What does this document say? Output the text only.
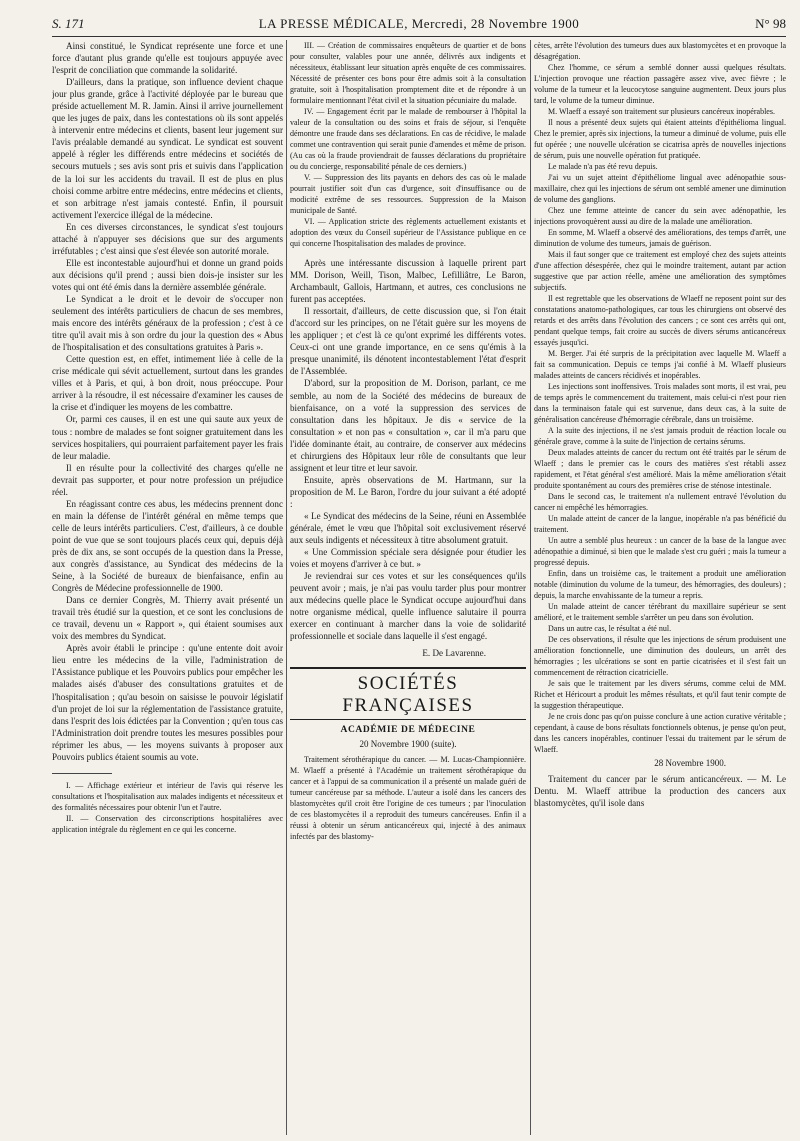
S. 171	LA PRESSE MÉDICALE, Mercredi, 28 Novembre 1900	N° 98

Ainsi constitué, le Syndicat représente une force et une force d'autant plus grande qu'elle est toujours appuyée avec l'esprit de conciliation que commande la solidarité.

D'ailleurs, dans la pratique, son influence devient chaque jour plus grande, grâce à l'activité déployée par le bureau que préside actuellement M. R. Jamin. Ainsi il arrive journellement que les juges de paix, dans les contestations où ils sont appelés à intervenir entre médecins et clients, basent leur jugement sur l'avis préalable demandé au syndicat. Le syndicat est souvent appelé à régler les différends entre médecins et sociétés de secours mutuels ; ses avis sont pris et suivis dans l'application de la loi sur les accidents du travail. Il est de plus en plus choisi comme arbitre entre médecins, entre médecins et clients, et son arbitrage n'est jamais contesté. Enfin, il poursuit activement l'exercice illégal de la médecine.

En ces diverses circonstances, le syndicat s'est toujours attaché à n'appuyer ses décisions que sur des arguments irréfutables ; c'est ainsi que s'est élevée son autorité morale.

Elle est incontestable aujourd'hui et donne un grand poids aux décisions qu'il prend ; aussi bien dois-je insister sur les votes qui ont été émis dans la dernière assemblée générale.

Le Syndicat a le droit et le devoir de s'occuper non seulement des intérêts particuliers de chacun de ses membres, mais encore des intérêts généraux de la profession ; c'est à ce titre qu'il avait mis à son ordre du jour la question des « Abus de l'hospitalisation et des consultations gratuites à Paris ».

Cette question est, en effet, intimement liée à celle de la crise médicale qui sévit actuellement, surtout dans les grandes villes et à Paris, et qui, à bon droit, nous préoccupe. Pour arriver à la résoudre, il est nécessaire d'examiner les causes de la crise et d'indiquer les moyens de les combattre.

Or, parmi ces causes, il en est une qui saute aux yeux de tous : nombre de malades se font soigner gratuitement dans les services hospitaliers, qui pourraient parfaitement payer les frais de leur maladie.

Il en résulte pour la collectivité des charges qu'elle ne devrait pas supporter, et pour notre profession un préjudice réel.

En réagissant contre ces abus, les médecins prennent donc en main la défense de l'intérêt général en même temps que celle de leurs intérêts particuliers. C'est, d'ailleurs, à ce double point de vue que se sont toujours placés ceux qui, depuis déjà près de dix ans, se sont occupés de la question dans la Presse, aux congrès d'assistance, au Syndicat des médecins de la Seine, à la Société de bureaux de bienfaisance, enfin au Congrès de Médecine professionnelle de 1900.

Dans ce dernier Congrès, M. Thierry avait présenté un travail très étudié sur la question, et ce sont les conclusions de ce travail, devenu un « Rapport », qui étaient soumises aux voix des membres du Syndicat.

Après avoir établi le principe : qu'une entente doit avoir lieu entre les médecins de la ville, l'administration de l'Assistance publique et les Pouvoirs publics pour empêcher les malades aisés d'abuser des consultations gratuites et de l'hospitalisation ; qu'au besoin on saisisse le pouvoir législatif d'un projet de loi sur la réglementation de l'assistance gratuite, dans l'esprit des lois édictées par la Convention ; qu'en tous cas l'Administration doit prendre toutes les mesures possibles pour réprimer les abus, — les moyens suivants à proposer aux Pouvoirs publics étaient soumis au vote.

I. — Affichage extérieur et intérieur de l'avis qui réserve les consultations et l'hospitalisation aux malades indigents et nécessiteux et des formalités nécessaires pour obtenir l'un et l'autre.

II. — Conservation des circonscriptions hospitalières avec application intégrale du règlement en ce qui les concerne.

III. — Création de commissaires enquêteurs de quartier et de bons pour consulter, valables pour une année, délivrés aux indigents et nécessiteux, établissant leur situation après enquête de ces commissaires. Nécessité de présenter ces bons pour être admis soit à la consultation gratuite, soit à l'hospitalisation promptement dite et de répondre à un formulaire mentionnant l'état civil et la situation pécuniaire du malade.

IV. — Engagement écrit par le malade de rembourser à l'hôpital la valeur de la consultation ou des soins et frais de séjour, si l'enquête démontre une fraude dans ses déclarations. En cas de récidive, le malade commet une contravention qui serait punie d'amendes et même de prison. (Au cas où la fraude proviendrait de fausses déclarations du propriétaire ou du concierge, responsabilité pénale de ces derniers.)

V. — Suppression des lits payants en dehors des cas où le malade pourrait justifier soit d'un cas d'urgence, soit d'insuffisance ou de modicité extrême de ses ressources. Suppression de la Maison municipale de Santé.

VI. — Application stricte des règlements actuellement existants et adoption des vœux du Conseil supérieur de l'Assistance publique en ce qui concerne l'hospitalisation des malades de province.

Après une intéressante discussion à laquelle prirent part MM. Dorison, Weill, Tison, Malbec, Lefilliâtre, Le Baron, Archambault, Gallois, Hartmann, et autres, ces conclusions ne furent pas acceptées.

Il ressortait, d'ailleurs, de cette discussion que, si l'on était d'accord sur les principes, on ne l'était guère sur les moyens de les appliquer ; et c'est là ce qu'ont exprimé les différents votes. Ceux-ci ont une grande importance, en ce sens qu'émis à la presque unanimité, ils dénotent incontestablement l'état d'esprit de l'Assemblée.

D'abord, sur la proposition de M. Dorison, parlant, ce me semble, au nom de la Société des médecins de bureaux de bienfaisance, on a voté la suppression des services de consultation dans les hôpitaux. Je dis « service de la consultation » et non pas « consultation », car il m'a paru que l'idée dominante était, au contraire, de conserver aux médecins et chirurgiens des Hôpitaux leur rôle de consultants que leur assignent et leur titre et leur savoir.

Ensuite, après observations de M. Hartmann, sur la proposition de M. Le Baron, l'ordre du jour suivant a été adopté :

« Le Syndicat des médecins de la Seine, réuni en Assemblée générale, émet le vœu que l'hôpital soit exclusivement réservé aux seuls indigents et nécessiteux à titre absolument gratuit.

« Une Commission spéciale sera désignée pour étudier les voies et moyens d'arriver à ce but. »

Je reviendrai sur ces votes et sur les conséquences qu'ils peuvent avoir ; mais, je n'ai pas voulu tarder plus pour montrer aux médecins quelle place le Syndicat occupe aujourd'hui dans notre organisme médical, quelle influence salutaire il pourra exercer en continuant à marcher dans la voie de solidarité professionnelle et sociale dans laquelle il s'est engagé.

E. De Lavarenne.
SOCIÉTÉS FRANÇAISES
ACADÉMIE DE MÉDECINE
20 Novembre 1900 (suite).

Traitement sérothérapique du cancer. — M. Lucas-Championnière. M. Wlaeff a présenté à l'Académie un traitement sérothérapique du cancer et à l'appui de sa communication il a présenté un malade guéri de tumeur cancéreuse par sa méthode. L'auteur a isolé dans les cancers des blastomycètes qu'il croit être l'origine de ces tumeurs ; par l'inoculation de ces blastomycètes il a reproduit des tumeurs cancéreuses. Enfin il a réussi à obtenir un sérum anticancéreux qui, injecté à des animaux infectés par des blastomy-

cètes, arrête l'évolution des tumeurs dues aux blastomycètes et en provoque la désagrégation.

Chez l'homme, ce sérum a semblé donner aussi quelques résultats. L'injection provoque une réaction passagère assez vive, avec fièvre ; le volume de la tumeur et la leucocytose sanguine augmentent. Deux jours plus tard, le volume de la tumeur diminue.

M. Wlaeff a essayé son traitement sur plusieurs cancéreux inopérables.

Il nous a présenté deux sujets qui étaient atteints d'épithélioma lingual. Chez le premier, après six injections, la tumeur a diminué de volume, puis elle fut opérée ; une nouvelle ulcération se cicatrisa après de nouvelles injections de sérum, puis une nouvelle opération fut pratiquée.

Le malade n'a pas été revu depuis.

J'ai vu un sujet atteint d'épithéliome lingual avec adénopathie sous-maxillaire, chez qui les injections de sérum ont semblé amener une diminution de volume des ganglions.

Chez une femme atteinte de cancer du sein avec adénopathie, les injections provoquèrent aussi au dire de la malade une amélioration.

En somme, M. Wlaeff a observé des améliorations, des temps d'arrêt, une diminution de volume des tumeurs, jamais de guérison.

Mais il faut songer que ce traitement est employé chez des sujets atteints d'une affection désespérée, chez qui le moindre traitement, autant par action suggestive que par action réelle, amène une amélioration des symptômes subjectifs.

Il est regrettable que les observations de Wlaeff ne reposent point sur des constatations anatomo-pathologiques, car tous les chirurgiens ont observé des retards et des arrêts dans l'évolution des cancers ; ce sont ces arrêts qui ont, pendant quelque temps, fait croire au succès de divers sérums anticancéreux essayés jusqu'ici.

M. Berger. J'ai été surpris de la précipitation avec laquelle M. Wlaeff a fait sa communication. Depuis ce temps j'ai confié à M. Wlaeff plusieurs malades atteints de cancers récidivés et inopérables.

Les injections sont inoffensives. Trois malades sont morts, il est vrai, peu de temps après le commencement du traitement, mais celui-ci n'est pour rien dans la terminaison fatale qui est survenue, dans deux cas, à la suite de généralisation cancéreuse d'hémorragie cérébrale, dans un troisième.

A la suite des injections, il ne s'est jamais produit de réaction locale ou générale grave, comme à la suite de l'injection de certains sérums.

Deux malades atteints de cancer du rectum ont été traités par le sérum de Wlaeff ; dans le premier cas le cours des matières s'est rétabli assez rapidement, et l'état général s'est amélioré. Mais la même amélioration s'était produite spontanément au cours des premières crise de sténose intestinale.

Dans le second cas, le traitement n'a nullement entravé l'évolution du cancer ni empêché les hémorragies.

Un malade atteint de cancer de la langue, inopérable n'a pas bénéficié du traitement.

Un autre a semblé plus heureux : un cancer de la base de la langue avec adénopathie a diminué, si bien que le malade s'est cru guéri ; mais la tumeur a progressé depuis.

Enfin, dans un troisième cas, le traitement a produit une amélioration notable (diminution du volume de la tumeur, des hémorragies, des douleurs) ; depuis, la marche envahissante de la tumeur a repris.

Un malade atteint de cancer térébrant du maxillaire supérieur se sent amélioré, et le traitement semble s'arrêter un peu dans son évolution.

Dans un autre cas, le résultat a été nul.

De ces observations, il résulte que les injections de sérum produisent une amélioration fonctionnelle, une diminution des douleurs, un arrêt des hémorragies ; les ulcérations se sont en partie cicatrisées et il s'est fait un commencement de rétraction cicatricielle.

Je sais que le traitement par les divers sérums, comme celui de MM. Richet et Héricourt a produit les mêmes résultats, et qu'il faut tenir compte de la suggestion thérapeutique.

Je ne crois donc pas qu'on puisse conclure à une action curative véritable ; cependant, à cause de bons résultats fonctionnels obtenus, je pense qu'on peut, dans les cancers inopérables, continuer l'essai du traitement par le sérum de Wlaeff.

28 Novembre 1900.

Traitement du cancer par le sérum anticancéreux. — M. Le Dentu. M. Wlaeff attribue la production des cancers aux blastomycètes, qu'il isole dans
